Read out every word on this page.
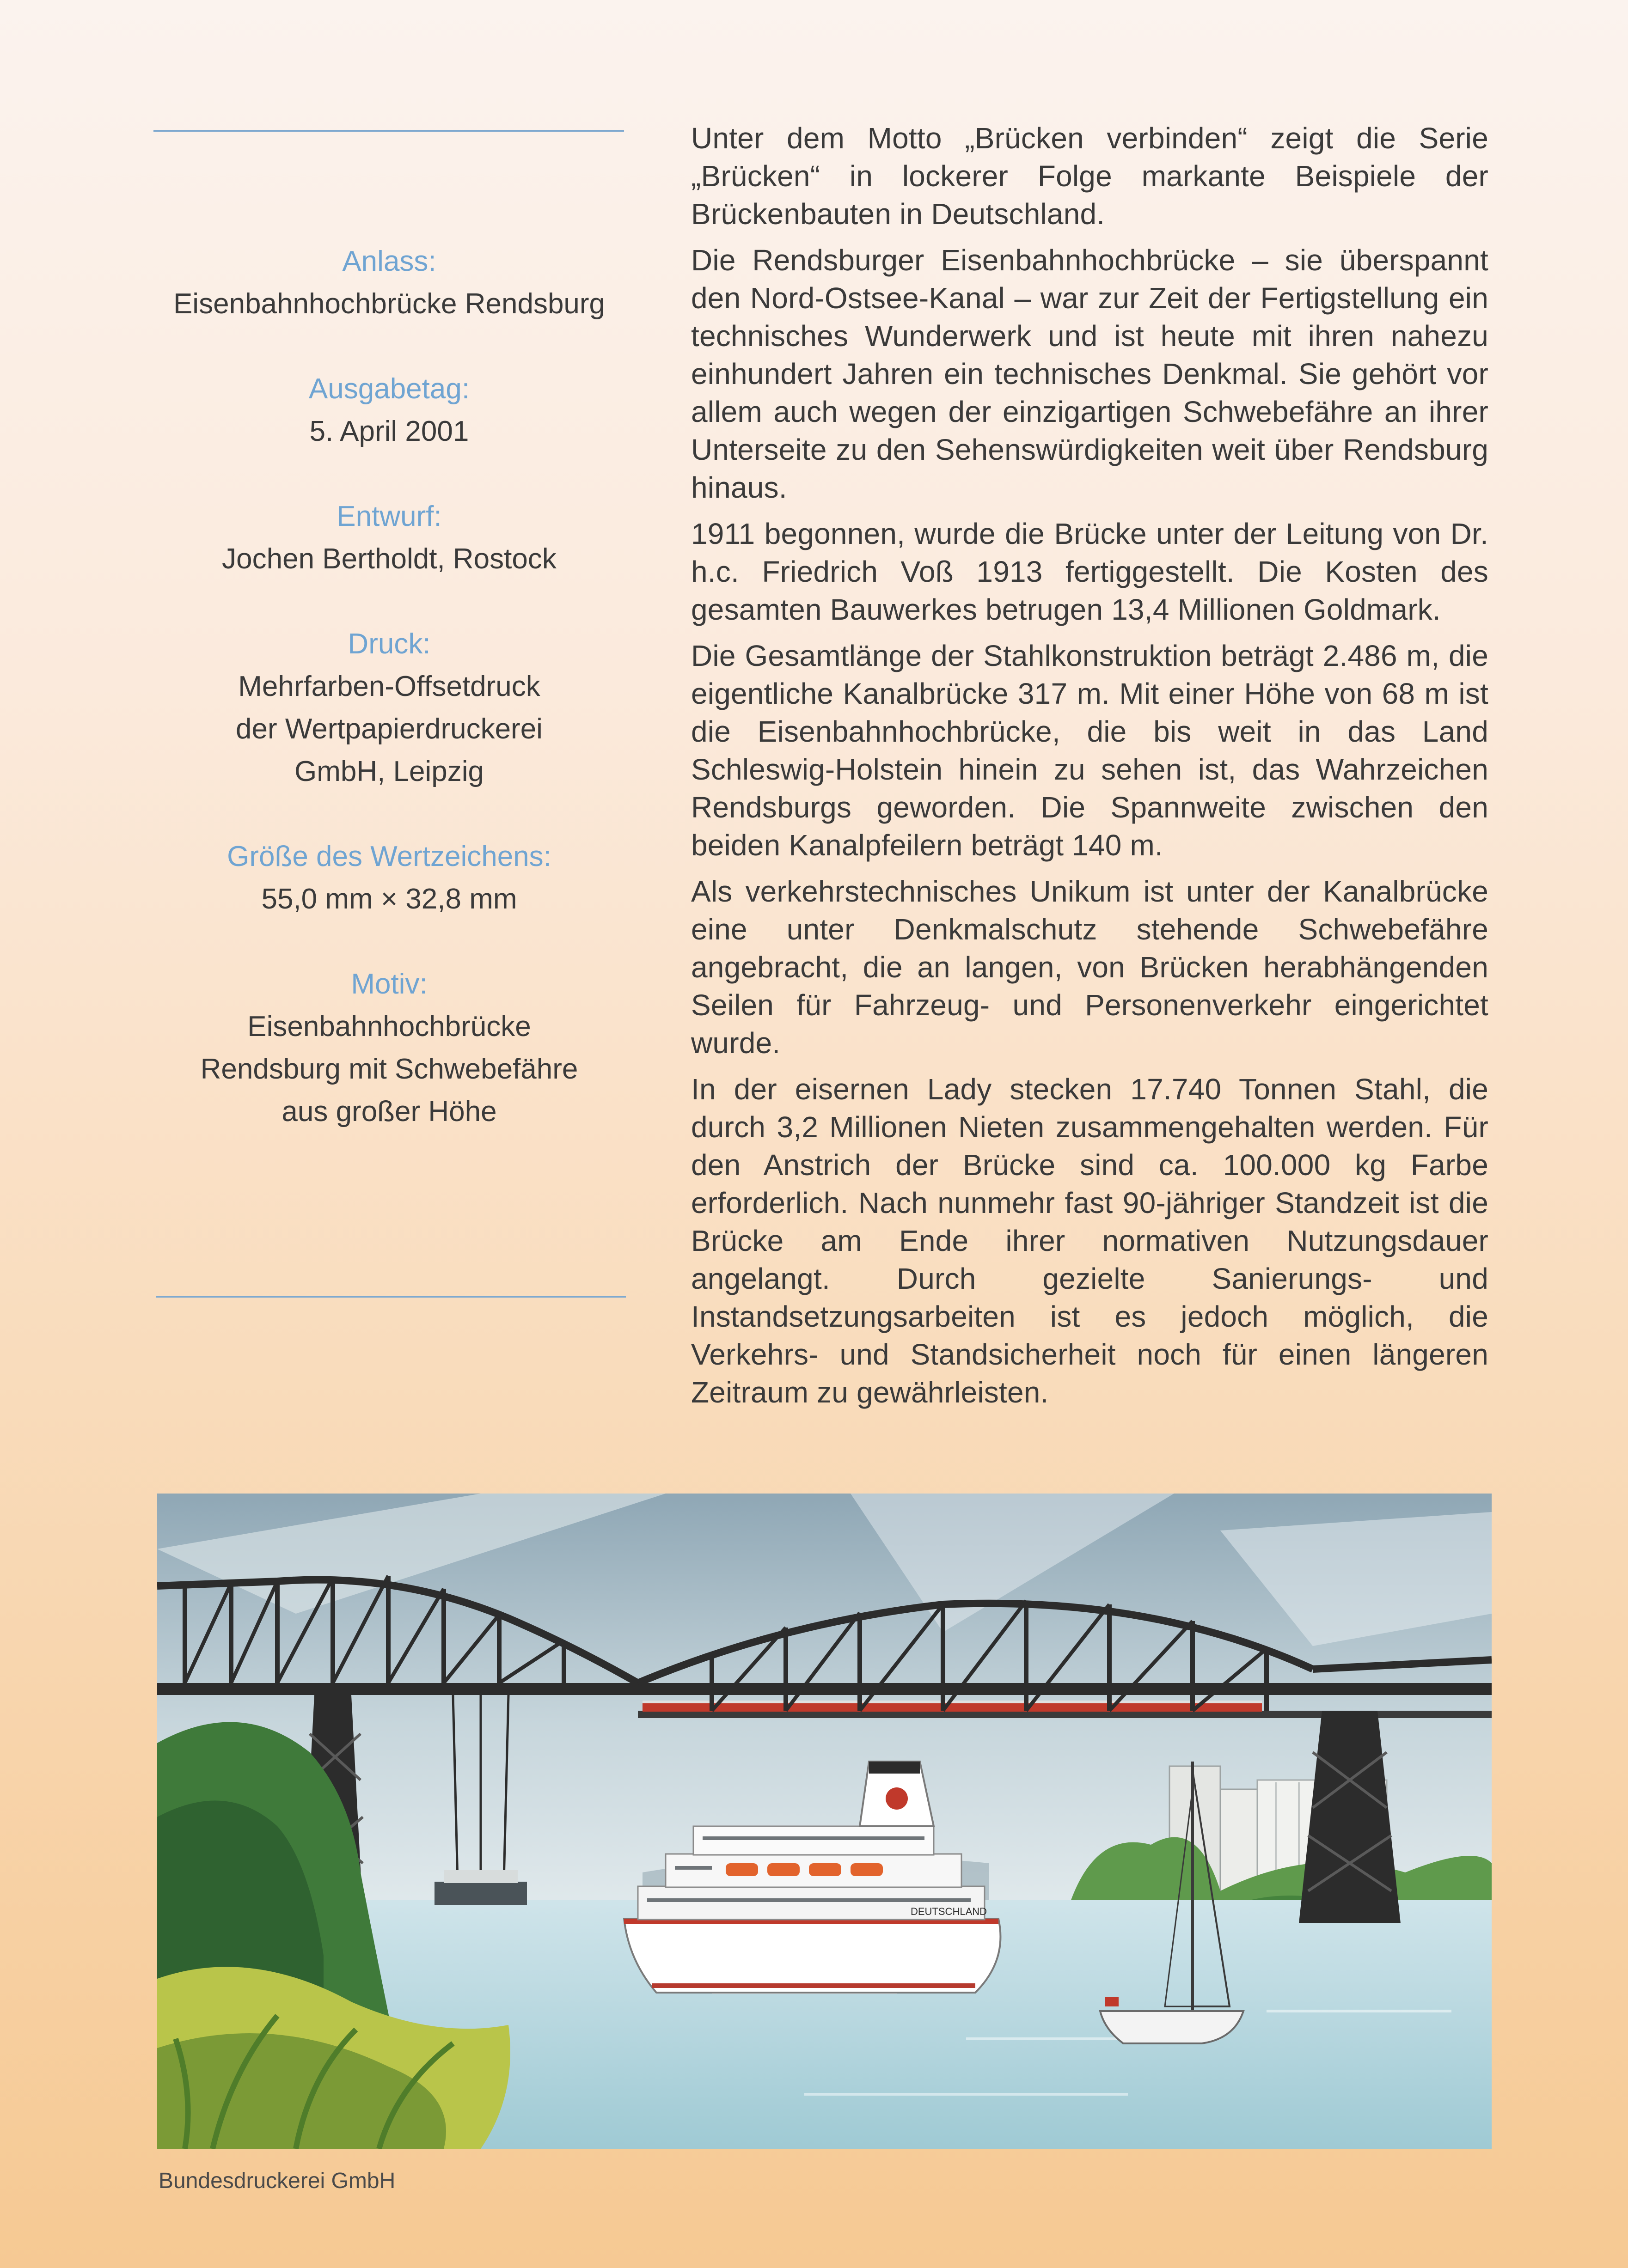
Anlass:
Eisenbahnhochbrücke Rendsburg
Ausgabetag:
5. April 2001
Entwurf:
Jochen Bertholdt, Rostock
Druck:
Mehrfarben-Offsetdruck
der Wertpapierdruckerei
GmbH, Leipzig
Größe des Wertzeichens:
55,0 mm × 32,8 mm
Motiv:
Eisenbahnhochbrücke
Rendsburg mit Schwebefähre
aus großer Höhe

Unter dem Motto „Brücken verbinden“ zeigt die Serie „Brücken“ in lockerer Folge markante Beispiele der Brückenbauten in Deutschland.

Die Rendsburger Eisenbahnhochbrücke – sie überspannt den Nord-Ostsee-Kanal – war zur Zeit der Fertigstellung ein technisches Wunderwerk und ist heute mit ihren nahezu einhundert Jahren ein technisches Denkmal. Sie gehört vor allem auch wegen der einzigartigen Schwebefähre an ihrer Unterseite zu den Sehenswürdigkeiten weit über Rendsburg hinaus.

1911 begonnen, wurde die Brücke unter der Leitung von Dr. h.c. Friedrich Voß 1913 fertiggestellt. Die Kosten des gesamten Bauwerkes betrugen 13,4 Millionen Goldmark.

Die Gesamtlänge der Stahlkonstruktion beträgt 2.486 m, die eigentliche Kanalbrücke 317 m. Mit einer Höhe von 68 m ist die Eisenbahnhochbrücke, die bis weit in das Land Schleswig-Holstein hinein zu sehen ist, das Wahrzeichen Rendsburgs geworden. Die Spannweite zwischen den beiden Kanalpfeilern beträgt 140 m.

Als verkehrstechnisches Unikum ist unter der Kanalbrücke eine unter Denkmalschutz stehende Schwebefähre angebracht, die an langen, von Brücken herabhängenden Seilen für Fahrzeug- und Personenverkehr eingerichtet wurde.

In der eisernen Lady stecken 17.740 Tonnen Stahl, die durch 3,2 Millionen Nieten zusammengehalten werden. Für den Anstrich der Brücke sind ca. 100.000 kg Farbe erforderlich. Nach nunmehr fast 90-jähriger Standzeit ist die Brücke am Ende ihrer normativen Nutzungsdauer angelangt. Durch gezielte Sanierungs- und Instandsetzungsarbeiten ist es jedoch möglich, die Verkehrs- und Standsicherheit noch für einen längeren Zeitraum zu gewährleisten.

DEUTSCHLAND
Bundesdruckerei GmbH
